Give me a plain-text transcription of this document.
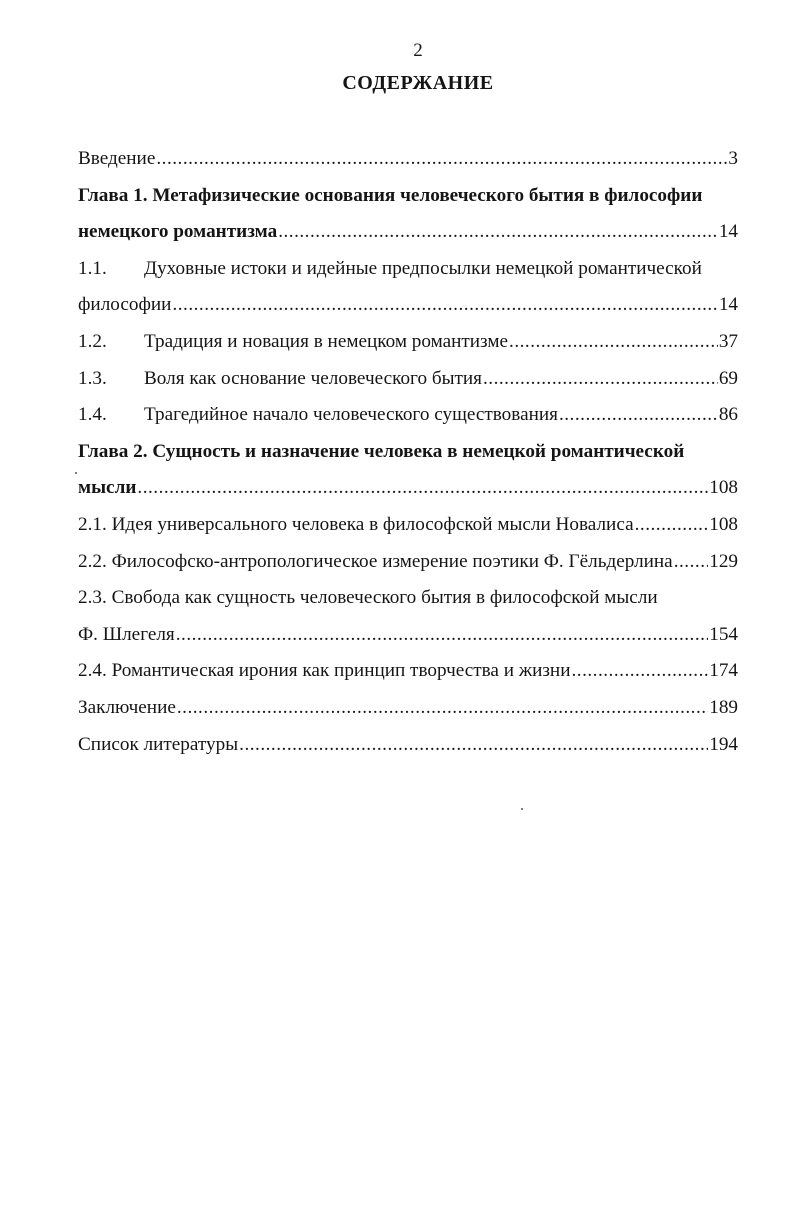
2
СОДЕРЖАНИЕ
Введение .....	3
Глава 1. Метафизические основания человеческого бытия в философии
немецкого романтизма .....	14
1.1.	Духовные истоки и идейные предпосылки немецкой романтической
философии .....	14
1.2.	Традиция и новация в немецком романтизме .....	37
1.3.	Воля как основание человеческого бытия .....	69
1.4.	Трагедийное начало человеческого существования .....	86
Глава 2. Сущность и назначение человека в немецкой романтической
мысли .....	108
2.1. Идея универсального человека в философской мысли Новалиса .....	108
2.2. Философско-антропологическое измерение поэтики Ф. Гёльдерлина ..... 129
2.3. Свобода как сущность человеческого бытия в философской мысли
Ф. Шлегеля .....	154
2.4. Романтическая ирония как принцип творчества и жизни .....	174
Заключение .....	189
Список литературы .....	194
